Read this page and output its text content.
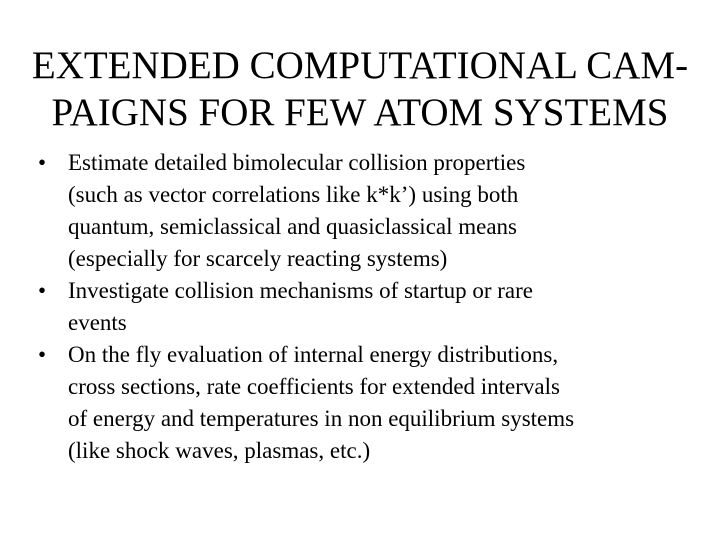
EXTENDED COMPUTATIONAL CAM-
PAIGNS FOR FEW ATOM SYSTEMS
• Estimate detailed bimolecular collision properties
(such as vector correlations like k*k’) using both
quantum, semiclassical and quasiclassical means
(especially for scarcely reacting systems)
• Investigate collision mechanisms of startup or rare
events
• On the fly evaluation of internal energy distributions,
cross sections, rate coefficients for extended intervals
of energy and temperatures in non equilibrium systems
(like shock waves, plasmas, etc.)
